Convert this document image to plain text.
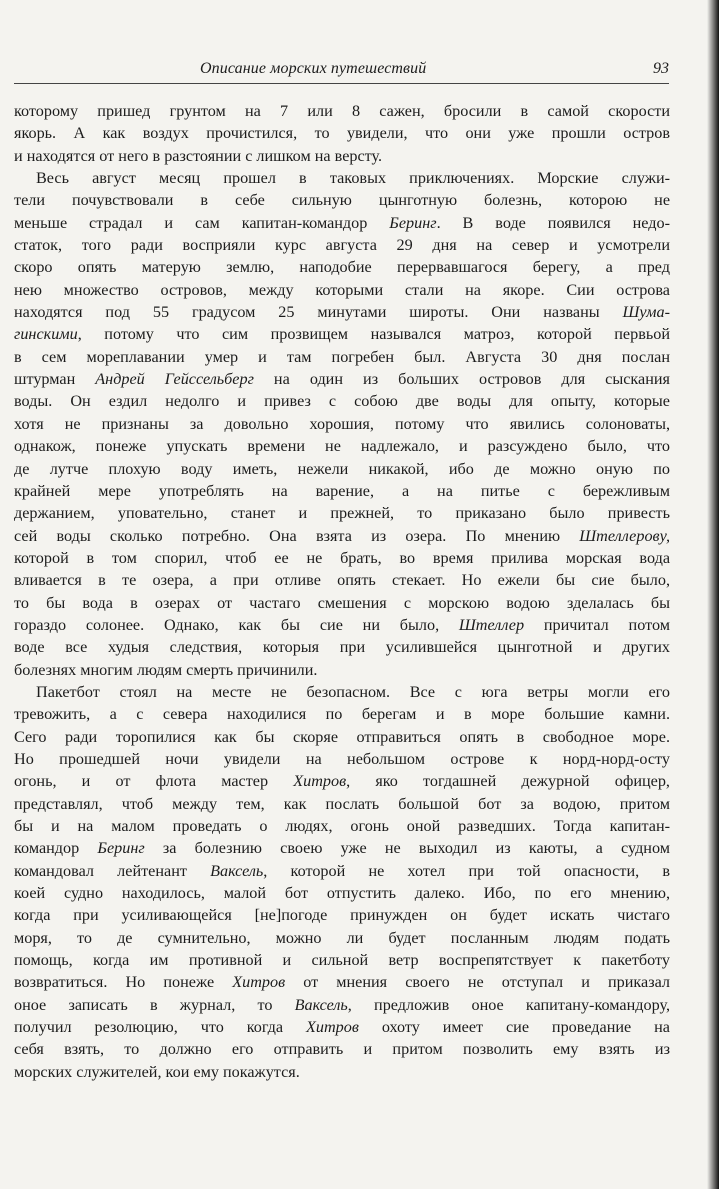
Описание морских путешествий	93
которому пришед грунтом на 7 или 8 сажен, бросили в самой скорости
якорь. А как воздух прочистился, то увидели, что они уже прошли остров
и находятся от него в разстоянии с лишком на версту.
Весь август месяц прошел в таковых приключениях. Морские служи-
тели почувствовали в себе сильную цынготную болезнь, которою не
меньше страдал и сам капитан-командор Беринг. В воде появился недо-
статок, того ради восприяли курс августа 29 дня на север и усмотрели
скоро опять матерую землю, наподобие перервавшагося берегу, а пред
нею множество островов, между которыми стали на якоре. Сии острова
находятся под 55 градусом 25 минутами широты. Они названы Шума-
гинскими, потому что сим прозвищем назывался матроз, которой первьой
в сем мореплавании умер и там погребен был. Августа 30 дня послан
штурман Андрей Гейссельберг на один из больших островов для сыскания
воды. Он ездил недолго и привез с собою две воды для опыту, которые
хотя не признаны за довольно хорошия, потому что явились солоноваты,
однакож, понеже упускать времени не надлежало, и разсуждено было, что
де лутче плохую воду иметь, нежели никакой, ибо де можно оную по
крайней мере употреблять на варение, а на питье с бережливым
держанием, уповательно, станет и прежней, то приказано было привесть
сей воды сколько потребно. Она взята из озера. По мнению Штеллерову,
которой в том спорил, чтоб ее не брать, во время прилива морская вода
вливается в те озера, а при отливе опять стекает. Но ежели бы сие было,
то бы вода в озерах от частаго смешения с морскою водою зделалась бы
гораздо солонее. Однако, как бы сие ни было, Штеллер причитал потом
воде все худыя следствия, которыя при усилившейся цынготной и других
болезнях многим людям смерть причинили.
Пакетбот стоял на месте не безопасном. Все с юга ветры могли его
тревожить, а с севера находилися по берегам и в море большие камни.
Сего ради торопилися как бы скоряе отправиться опять в свободное море.
Но прошедшей ночи увидели на небольшом острове к норд-норд-осту
огонь, и от флота мастер Хитров, яко тогдашней дежурной офицер,
представлял, чтоб между тем, как послать большой бот за водою, притом
бы и на малом проведать о людях, огонь оной разведших. Тогда капитан-
командор Беринг за болезнию своею уже не выходил из каюты, а судном
командовал лейтенант Ваксель, которой не хотел при той опасности, в
коей судно находилось, малой бот отпустить далеко. Ибо, по его мнению,
когда при усиливающейся [не]погоде принужден он будет искать чистаго
моря, то де сумнительно, можно ли будет посланным людям подать
помощь, когда им противной и сильной ветр воспрепятствует к пакетботу
возвратиться. Но понеже Хитров от мнения своего не отступал и приказал
оное записать в журнал, то Ваксель, предложив оное капитану-командору,
получил резолюцию, что когда Хитров охоту имеет сие проведание на
себя взять, то должно его отправить и притом позволить ему взять из
морских служителей, кои ему покажутся.
